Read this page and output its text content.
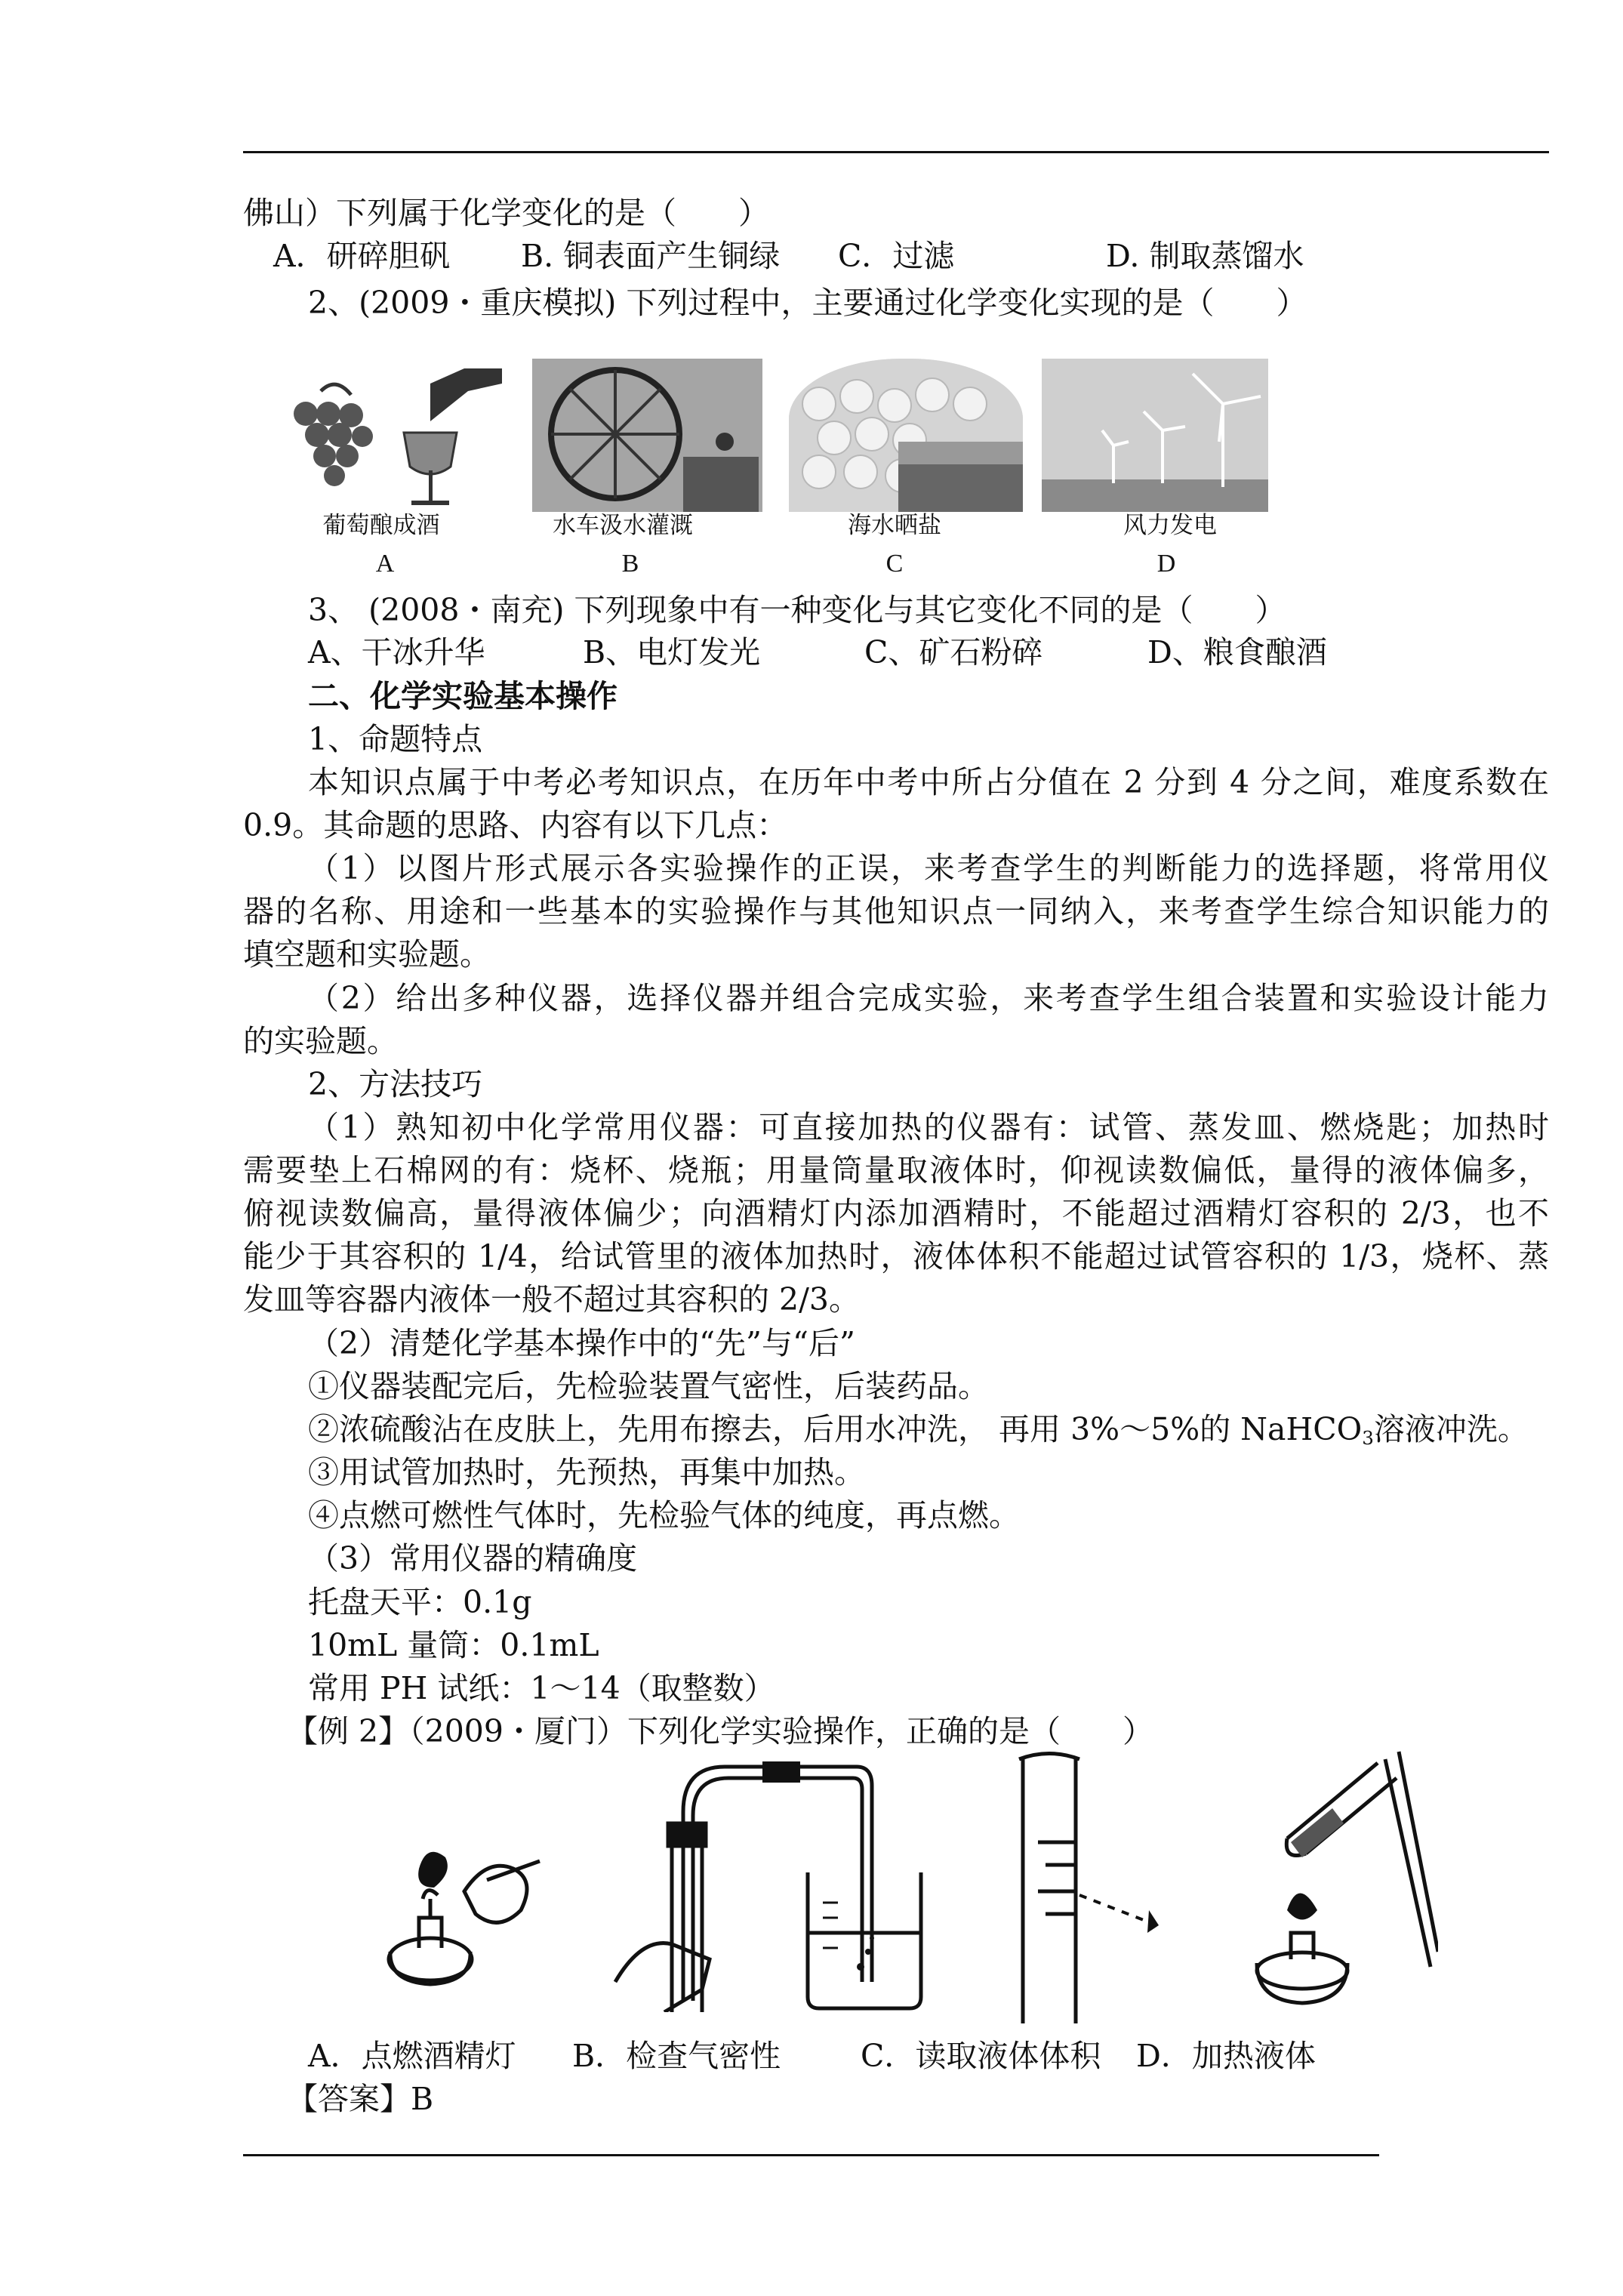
佛山）下列属于化学变化的是（　　）
A．研碎胆矾 B. 铜表面产生铜绿 C．过滤	D. 制取蒸馏水
2、(2009・重庆模拟) 下列过程中，主要通过化学变化实现的是（　　）
葡萄酿成酒	水车汲水灌溉	海水晒盐	风力发电
A	B	C	D
3、 (2008・南充) 下列现象中有一种变化与其它变化不同的是（　　）
A、干冰升华	B、电灯发光	C、矿石粉碎	D、粮食酿酒
二、化学实验基本操作
1、命题特点
本知识点属于中考必考知识点，在历年中考中所占分值在 2 分到 4 分之间，难度系数在
0.9。其命题的思路、内容有以下几点：
（1）以图片形式展示各实验操作的正误，来考查学生的判断能力的选择题，将常用仪
器的名称、用途和一些基本的实验操作与其他知识点一同纳入，来考查学生综合知识能力的
填空题和实验题。
（2）给出多种仪器，选择仪器并组合完成实验，来考查学生组合装置和实验设计能力
的实验题。
2、方法技巧
（1）熟知初中化学常用仪器：可直接加热的仪器有：试管、蒸发皿、燃烧匙；加热时
需要垫上石棉网的有：烧杯、烧瓶；用量筒量取液体时，仰视读数偏低，量得的液体偏多，
俯视读数偏高，量得液体偏少；向酒精灯内添加酒精时，不能超过酒精灯容积的 2/3，也不
能少于其容积的 1/4，给试管里的液体加热时，液体体积不能超过试管容积的 1/3，烧杯、蒸
发皿等容器内液体一般不超过其容积的 2/3。
（2）清楚化学基本操作中的“先”与“后”
①仪器装配完后，先检验装置气密性，后装药品。
②浓硫酸沾在皮肤上，先用布擦去，后用水冲洗， 再用 3%～5%的 NaHCO$_3$溶液冲洗。
③用试管加热时，先预热，再集中加热。
④点燃可燃性气体时，先检验气体的纯度，再点燃。
（3）常用仪器的精确度
托盘天平：0.1g
10mL 量筒：0.1mL
常用 PH 试纸：1～14（取整数）
【例 2】（2009・厦门）下列化学实验操作，正确的是（　　）
A．点燃酒精灯 B．检查气密性	C．读取液体体积 D．加热液体
【答案】B
